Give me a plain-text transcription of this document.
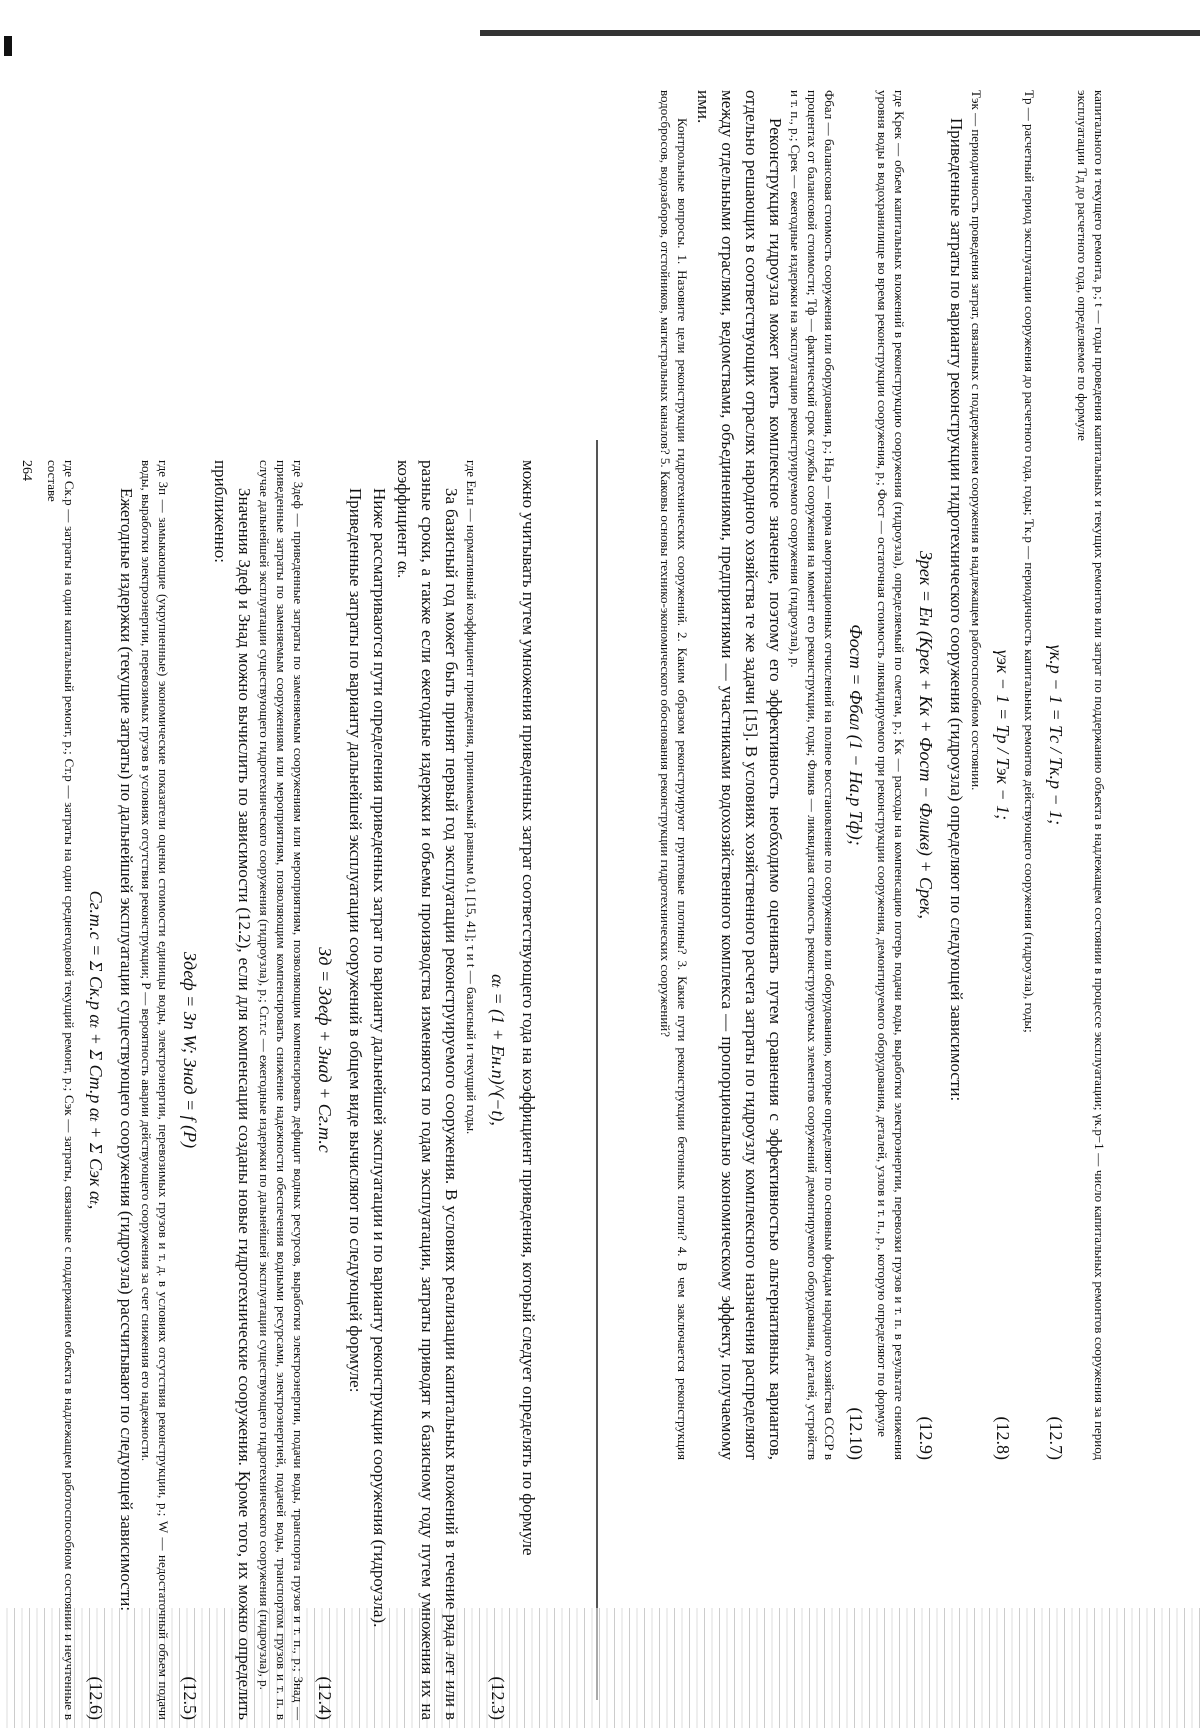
можно учитывать путем умножения приведенных затрат соответствующего года на коэффициент приведения, который следует определять по формуле

αₜ = (1 + Eн.п)^(−t),
(12.3)

где Eн.п — нормативный коэффициент приведения, принимаемый равным 0,1 [15, 41]; τ и t — базисный и текущий годы.

За базисный год может быть принят первый год эксплуатации реконструируемого сооружения. В условиях реализации капитальных вложений в течение ряда лет или в разные сроки, а также если ежегодные издержки и объемы производства изменяются по годам эксплуатации, затраты приводят к базисному году путем умножения их на коэффициент αₜ.

Ниже рассматриваются пути определения приведенных затрат по варианту дальнейшей эксплуатации и по варианту реконструкции сооружения (гидроузла).

Приведенные затраты по варианту дальнейшей эксплуатации сооружений в общем виде вычисляют по следующей формуле:

Зд = Здеф + Знад + Cг.т.с
(12.4)

где Здеф — приведенные затраты по заменяемым сооружениям или мероприятиям, позволяющим компенсировать дефицит водных ресурсов, выработки электроэнергии, подачи воды, транспорта грузов и т. п., р.; Знад — приведенные затраты по заменяемым сооружениям или мероприятиям, позволяющим компенсировать снижение надежности обеспечения водными ресурсами, электроэнергией, подачей воды, транспортом грузов и т. п. в случае дальнейшей эксплуатации существующего гидротехнического сооружения (гидроузла), р.; Cг.т.с — ежегодные издержки по дальнейшей эксплуатации существующего гидротехнического сооружения (гидроузла), р.

Значения Здеф и Знад можно вычислить по зависимости (12.2), если для компенсации созданы новые гидротехнические сооружения. Кроме того, их можно определить приближенно:

Здеф = Зп W; Знад = f (P)
(12.5)

где Зп — замыкающие (укрупненные) экономические показатели оценки стоимости единицы воды, электроэнергии, перевозимых грузов и т. д. в условиях отсутствия реконструкции, р.; W — недостаточный объем подачи воды, выработки электроэнергии, перевозимых грузов в условиях отсутствия реконструкции; P — вероятность аварии действующего сооружения за счет снижения его надежности.

Ежегодные издержки (текущие затраты) по дальнейшей эксплуатации существующего сооружения (гидроузла) рассчитывают по следующей зависимости:

Cг.т.с = Σ Cк.р αₜ + Σ Cт.р αₜ + Σ Cэк αₜ,
(12.6)

где Cк.р — затраты на один капитальный ремонт, р.; Cт.р — затраты на один среднегодовой текущий ремонт, р.; Cэк — затраты, связанные с поддержанием объекта в надлежащем работоспособном состоянии и неучтенные в составе

264	капитального и текущего ремонта, р.; t — годы проведения капитальных и текущих ремонтов или затрат по поддержанию объекта в надлежащем состоянии в процессе эксплуатации; γк.р−1 — число капитальных ремонтов сооружения за период эксплуатации Tд до расчетного года, определяемое по формуле

γк.р − 1 = Tс / Tк.р − 1;
(12.7)

Tр — расчетный период эксплуатации сооружения до расчетного года, годы; Tк.р — периодичность капитальных ремонтов действующего сооружения (гидроузла), годы;

γэк − 1 = Tр / Tэк − 1;
(12.8)

Tэк — периодичность проведения затрат, связанных с поддержанием сооружения в надлежащем работоспособном состоянии.

Приведенные затраты по варианту реконструкции гидротехнического сооружения (гидроузла) определяют по следующей зависимости:

Зрек = Eн (Kрек + Kк + Фост − Фликв) + Cрек,
(12.9)

где Kрек — объем капитальных вложений в реконструкцию сооружения (гидроузла), определяемый по сметам, р.; Kк — расходы на компенсацию потерь подачи воды, выработки электроэнергии, перевозки грузов и т. п. в результате снижения уровня воды в водохранилище во время реконструкции сооружения, р.; Фост — остаточная стоимость ликвидируемого при реконструкции сооружения, демонтируемого оборудования, деталей, узлов и т. п., р., которую определяют по формуле

Фост = Фбал (1 − Hа.р Tф);
(12.10)

Фбал — балансовая стоимость сооружения или оборудования, р.; Hа.р — норма амортизационных отчислений на полное восстановление по сооружению или оборудованию, которые определяют по основным фондам народного хозяйства СССР в процентах от балансовой стоимости; Tф — фактический срок службы сооружения на момент его реконструкции, годы; Фликв — ликвидная стоимость реконструируемых элементов сооружений демонтируемого оборудования, деталей, устройств и т. п., р.; Cрек — ежегодные издержки на эксплуатацию реконструируемого сооружения (гидроузла), р.

Реконструкция гидроузла может иметь комплексное значение, поэтому его эффективность необходимо оценивать путем сравнения с эффективностью альтернативных вариантов, отдельно решающих в соответствующих отраслях народного хозяйства те же задачи [15]. В условиях хозяйственного расчета затраты по гидроузлу комплексного назначения распределяют между отдельными отраслями, ведомствами, объединениями, предприятиями — участниками водохозяйственного комплекса — пропорционально экономическому эффекту, получаемому ими.

Контрольные вопросы. 1. Назовите цели реконструкции гидротехнических сооружений. 2. Каким образом реконструируют грунтовые плотины? 3. Какие пути реконструкции бетонных плотин? 4. В чем заключается реконструкция водосбросов, водозаборов, отстойников, магистральных каналов? 5. Каковы основы технико-экономического обоснования реконструкции гидротехнических сооружений?
